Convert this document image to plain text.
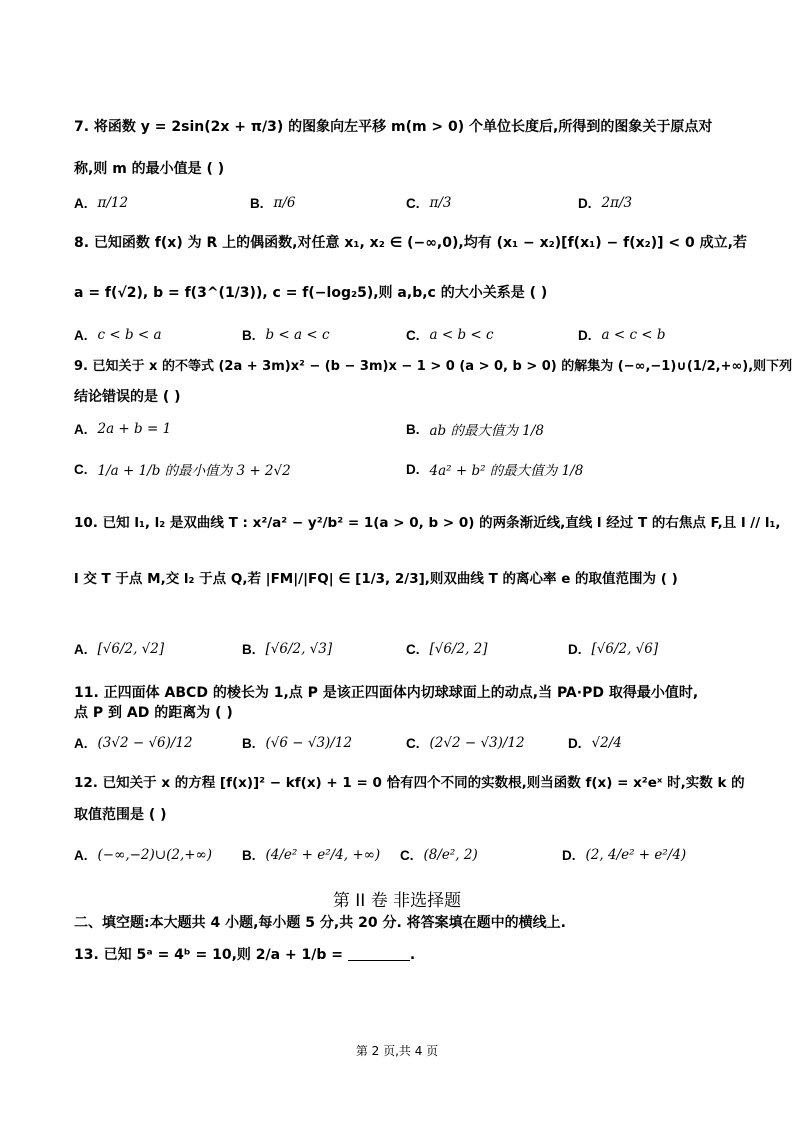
7. 将函数 y = 2sin(2x + π/3) 的图象向左平移 m(m > 0) 个单位长度后,所得到的图象关于原点对
称,则 m 的最小值是 ( )
A. π/12	B. π/6	C. π/3	D. 2π/3
8. 已知函数 f(x) 为 R 上的偶函数,对任意 x₁, x₂ ∈ (−∞,0),均有 (x₁ − x₂)[f(x₁) − f(x₂)] < 0 成立,若
a = f(√2), b = f(3^(1/3)), c = f(−log₂5),则 a,b,c 的大小关系是 ( )
A. c < b < a	B. b < a < c	C. a < b < c	D. a < c < b
9. 已知关于 x 的不等式 (2a + 3m)x² − (b − 3m)x − 1 > 0 (a > 0, b > 0) 的解集为 (−∞,−1)∪(1/2,+∞),则下列
结论错误的是 ( )
A. 2a + b = 1	B. ab 的最大值为 1/8
C. 1/a + 1/b 的最小值为 3 + 2√2	D. 4a² + b² 的最大值为 1/8
10. 已知 l₁, l₂ 是双曲线 T : x²/a² − y²/b² = 1(a > 0, b > 0) 的两条渐近线,直线 l 经过 T 的右焦点 F,且 l // l₁,
l 交 T 于点 M,交 l₂ 于点 Q,若 |FM|/|FQ| ∈ [1/3, 2/3],则双曲线 T 的离心率 e 的取值范围为 ( )
A. [√6/2, √2]	B. [√6/2, √3]	C. [√6/2, 2]	D. [√6/2, √6]
11. 正四面体 ABCD 的棱长为 1,点 P 是该正四面体内切球球面上的动点,当 PA·PD 取得最小值时,
点 P 到 AD 的距离为 ( )
A. (3√2 − √6)/12	B. (√6 − √3)/12	C. (2√2 − √3)/12	D. √2/4
12. 已知关于 x 的方程 [f(x)]² − kf(x) + 1 = 0 恰有四个不同的实数根,则当函数 f(x) = x²eˣ 时,实数 k 的
取值范围是 ( )
A. (−∞,−2)∪(2,+∞) B. (4/e² + e²/4, +∞) C. (8/e², 2)	D. (2, 4/e² + e²/4)
第 II 卷 非选择题
二、填空题:本大题共 4 小题,每小题 5 分,共 20 分. 将答案填在题中的横线上.
13. 已知 5ᵃ = 4ᵇ = 10,则 2/a + 1/b =	.
第 2 页,共 4 页
